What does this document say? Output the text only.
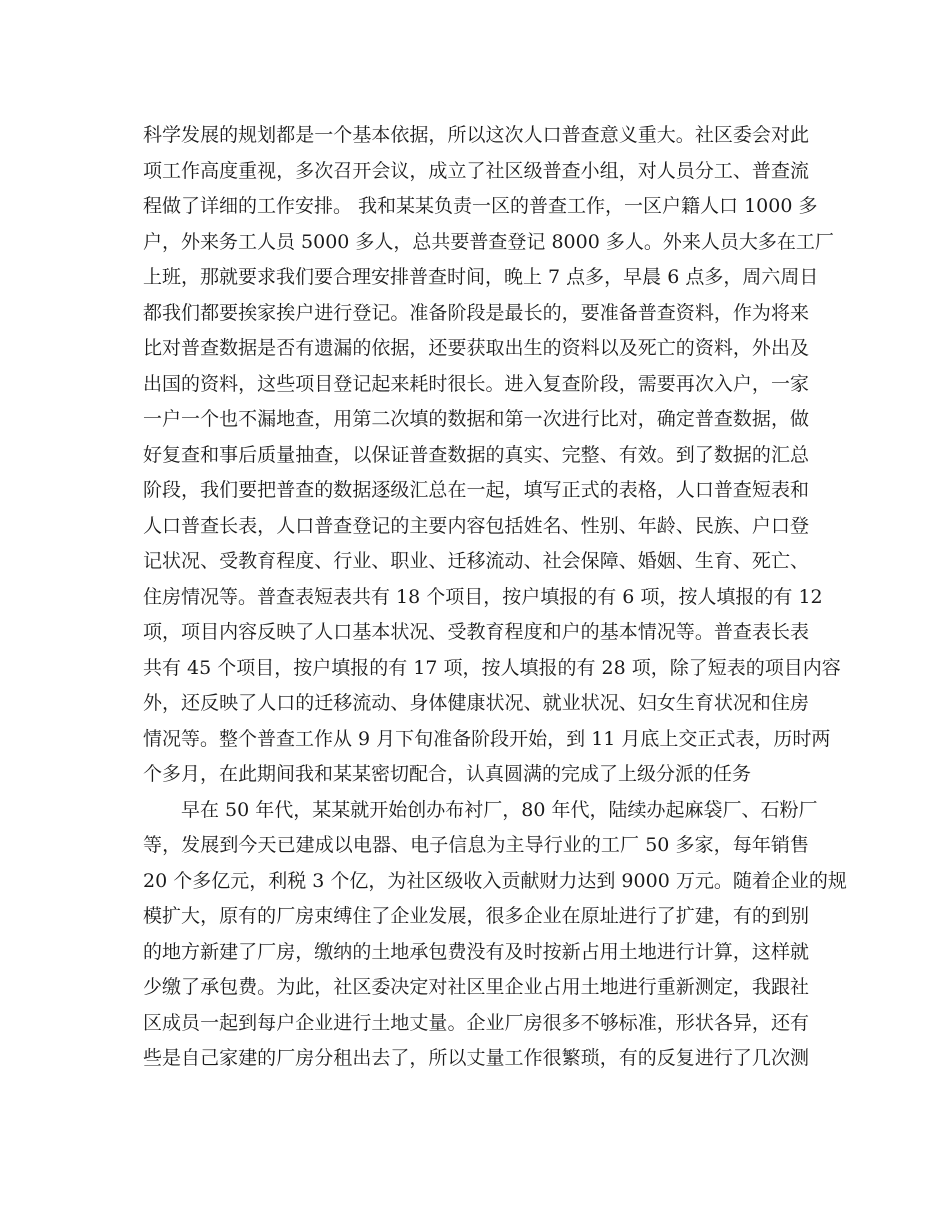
科学发展的规划都是一个基本依据，所以这次人口普查意义重大。社区委会对此
项工作高度重视，多次召开会议，成立了社区级普查小组，对人员分工、普查流
程做了详细的工作安排。 我和某某负责一区的普查工作，一区户籍人口 1000 多
户，外来务工人员 5000 多人，总共要普查登记 8000 多人。外来人员大多在工厂
上班，那就要求我们要合理安排普查时间，晚上 7 点多，早晨 6 点多，周六周日
都我们都要挨家挨户进行登记。准备阶段是最长的，要准备普查资料，作为将来
比对普查数据是否有遗漏的依据，还要获取出生的资料以及死亡的资料，外出及
出国的资料，这些项目登记起来耗时很长。进入复查阶段，需要再次入户，一家
一户一个也不漏地查，用第二次填的数据和第一次进行比对，确定普查数据，做
好复查和事后质量抽查，以保证普查数据的真实、完整、有效。到了数据的汇总
阶段，我们要把普查的数据逐级汇总在一起，填写正式的表格，人口普查短表和
人口普查长表，人口普查登记的主要内容包括姓名、性别、年龄、民族、户口登
记状况、受教育程度、行业、职业、迁移流动、社会保障、婚姻、生育、死亡、
住房情况等。普查表短表共有 18 个项目，按户填报的有 6 项，按人填报的有 12
项，项目内容反映了人口基本状况、受教育程度和户的基本情况等。普查表长表
共有 45 个项目，按户填报的有 17 项，按人填报的有 28 项，除了短表的项目内容
外，还反映了人口的迁移流动、身体健康状况、就业状况、妇女生育状况和住房
情况等。整个普查工作从 9 月下旬准备阶段开始，到 11 月底上交正式表，历时两
个多月，在此期间我和某某密切配合，认真圆满的完成了上级分派的任务
早在 50 年代，某某就开始创办布衬厂，80 年代，陆续办起麻袋厂、石粉厂
等，发展到今天已建成以电器、电子信息为主导行业的工厂 50 多家，每年销售
20 个多亿元，利税 3 个亿，为社区级收入贡献财力达到 9000 万元。随着企业的规
模扩大，原有的厂房束缚住了企业发展，很多企业在原址进行了扩建，有的到别
的地方新建了厂房，缴纳的土地承包费没有及时按新占用土地进行计算，这样就
少缴了承包费。为此，社区委决定对社区里企业占用土地进行重新测定，我跟社
区成员一起到每户企业进行土地丈量。企业厂房很多不够标准，形状各异，还有
些是自己家建的厂房分租出去了，所以丈量工作很繁琐，有的反复进行了几次测
